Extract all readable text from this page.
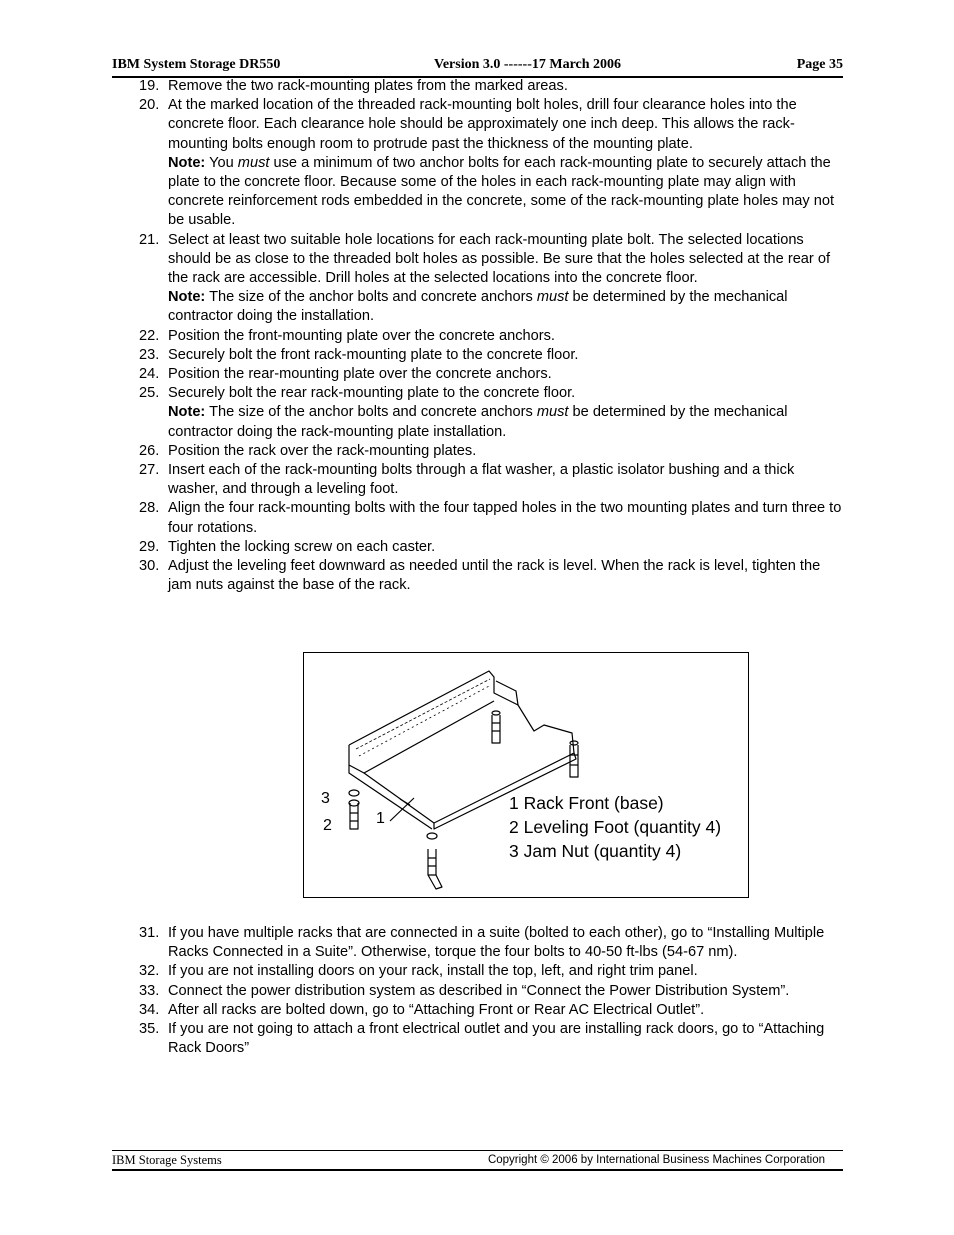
IBM System Storage DR550	Version 3.0 ------17 March 2006	Page 35
19. Remove the two rack-mounting plates from the marked areas.
20. At the marked location of the threaded rack-mounting bolt holes, drill four clearance holes into the concrete floor. Each clearance hole should be approximately one inch deep. This allows the rack-mounting bolts enough room to protrude past the thickness of the mounting plate.
Note: You must use a minimum of two anchor bolts for each rack-mounting plate to securely attach the plate to the concrete floor. Because some of the holes in each rack-mounting plate may align with concrete reinforcement rods embedded in the concrete, some of the rack-mounting plate holes may not be usable.
21. Select at least two suitable hole locations for each rack-mounting plate bolt. The selected locations should be as close to the threaded bolt holes as possible. Be sure that the holes selected at the rear of the rack are accessible. Drill holes at the selected locations into the concrete floor.
Note: The size of the anchor bolts and concrete anchors must be determined by the mechanical contractor doing the installation.
22. Position the front-mounting plate over the concrete anchors.
23. Securely bolt the front rack-mounting plate to the concrete floor.
24. Position the rear-mounting plate over the concrete anchors.
25. Securely bolt the rear rack-mounting plate to the concrete floor.
Note: The size of the anchor bolts and concrete anchors must be determined by the mechanical contractor doing the rack-mounting plate installation.
26. Position the rack over the rack-mounting plates.
27. Insert each of the rack-mounting bolts through a flat washer, a plastic isolator bushing and a thick washer, and through a leveling foot.
28. Align the four rack-mounting bolts with the four tapped holes in the two mounting plates and turn three to four rotations.
29. Tighten the locking screw on each caster.
30. Adjust the leveling feet downward as needed until the rack is level. When the rack is level, tighten the jam nuts against the base of the rack.
3
2	1
1 Rack Front (base)
2 Leveling Foot (quantity 4)
3 Jam Nut (quantity 4)
31. If you have multiple racks that are connected in a suite (bolted to each other), go to “Installing Multiple Racks Connected in a Suite”. Otherwise, torque the four bolts to 40-50 ft-lbs (54-67 nm).
32. If you are not installing doors on your rack, install the top, left, and right trim panel.
33. Connect the power distribution system as described in “Connect the Power Distribution System”.
34. After all racks are bolted down, go to “Attaching Front or Rear AC Electrical Outlet”.
35. If you are not going to attach a front electrical outlet and you are installing rack doors, go to “Attaching Rack Doors”
IBM Storage Systems	Copyright © 2006 by International Business Machines Corporation
